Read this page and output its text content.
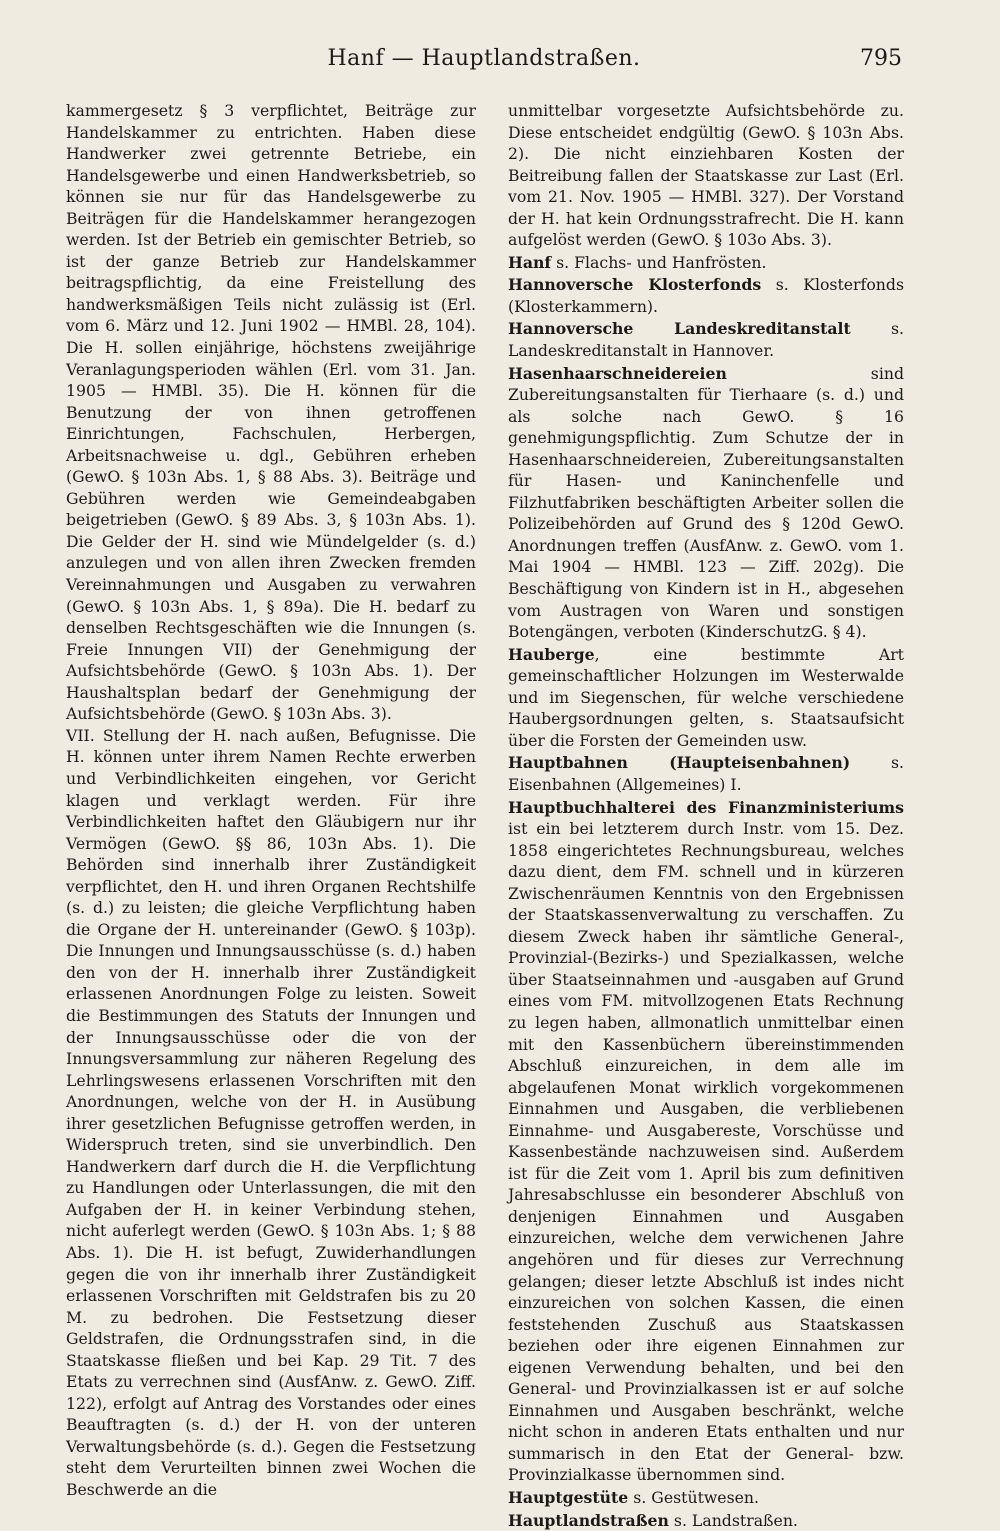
Hanf — Hauptlandstraßen.	795

kammergesetz § 3 verpflichtet, Beiträge zur Handelskammer zu entrichten. Haben diese Handwerker zwei getrennte Betriebe, ein Handelsgewerbe und einen Handwerksbetrieb, so können sie nur für das Handelsgewerbe zu Beiträgen für die Handelskammer herangezogen werden. Ist der Betrieb ein gemischter Betrieb, so ist der ganze Betrieb zur Handelskammer beitragspflichtig, da eine Freistellung des handwerksmäßigen Teils nicht zulässig ist (Erl. vom 6. März und 12. Juni 1902 — HMBl. 28, 104). Die H. sollen einjährige, höchstens zweijährige Veranlagungsperioden wählen (Erl. vom 31. Jan. 1905 — HMBl. 35). Die H. können für die Benutzung der von ihnen getroffenen Einrichtungen, Fachschulen, Herbergen, Arbeitsnachweise u. dgl., Gebühren erheben (GewO. § 103n Abs. 1, § 88 Abs. 3). Beiträge und Gebühren werden wie Gemeindeabgaben beigetrieben (GewO. § 89 Abs. 3, § 103n Abs. 1). Die Gelder der H. sind wie Mündelgelder (s. d.) anzulegen und von allen ihren Zwecken fremden Vereinnahmungen und Ausgaben zu verwahren (GewO. § 103n Abs. 1, § 89a). Die H. bedarf zu denselben Rechtsgeschäften wie die Innungen (s. Freie Innungen VII) der Genehmigung der Aufsichtsbehörde (GewO. § 103n Abs. 1). Der Haushaltsplan bedarf der Genehmigung der Aufsichtsbehörde (GewO. § 103n Abs. 3).

VII. Stellung der H. nach außen, Befugnisse. Die H. können unter ihrem Namen Rechte erwerben und Verbindlichkeiten eingehen, vor Gericht klagen und verklagt werden. Für ihre Verbindlichkeiten haftet den Gläubigern nur ihr Vermögen (GewO. §§ 86, 103n Abs. 1). Die Behörden sind innerhalb ihrer Zuständigkeit verpflichtet, den H. und ihren Organen Rechtshilfe (s. d.) zu leisten; die gleiche Verpflichtung haben die Organe der H. untereinander (GewO. § 103p). Die Innungen und Innungsausschüsse (s. d.) haben den von der H. innerhalb ihrer Zuständigkeit erlassenen Anordnungen Folge zu leisten. Soweit die Bestimmungen des Statuts der Innungen und der Innungsausschüsse oder die von der Innungsversammlung zur näheren Regelung des Lehrlingswesens erlassenen Vorschriften mit den Anordnungen, welche von der H. in Ausübung ihrer gesetzlichen Befugnisse getroffen werden, in Widerspruch treten, sind sie unverbindlich. Den Handwerkern darf durch die H. die Verpflichtung zu Handlungen oder Unterlassungen, die mit den Aufgaben der H. in keiner Verbindung stehen, nicht auferlegt werden (GewO. § 103n Abs. 1; § 88 Abs. 1). Die H. ist befugt, Zuwiderhandlungen gegen die von ihr innerhalb ihrer Zuständigkeit erlassenen Vorschriften mit Geldstrafen bis zu 20 M. zu bedrohen. Die Festsetzung dieser Geldstrafen, die Ordnungsstrafen sind, in die Staatskasse fließen und bei Kap. 29 Tit. 7 des Etats zu verrechnen sind (AusfAnw. z. GewO. Ziff. 122), erfolgt auf Antrag des Vorstandes oder eines Beauftragten (s. d.) der H. von der unteren Verwaltungsbehörde (s. d.). Gegen die Festsetzung steht dem Verurteilten binnen zwei Wochen die Beschwerde an die

unmittelbar vorgesetzte Aufsichtsbehörde zu. Diese entscheidet endgültig (GewO. § 103n Abs. 2). Die nicht einziehbaren Kosten der Beitreibung fallen der Staatskasse zur Last (Erl. vom 21. Nov. 1905 — HMBl. 327). Der Vorstand der H. hat kein Ordnungsstrafrecht. Die H. kann aufgelöst werden (GewO. § 103o Abs. 3).

Hanf s. Flachs- und Hanfrösten.

Hannoversche Klosterfonds s. Klosterfonds (Klosterkammern).

Hannoversche Landeskreditanstalt s. Landeskreditanstalt in Hannover.

Hasenhaarschneidereien sind Zubereitungsanstalten für Tierhaare (s. d.) und als solche nach GewO. § 16 genehmigungspflichtig. Zum Schutze der in Hasenhaarschneidereien, Zubereitungsanstalten für Hasen- und Kaninchenfelle und Filzhutfabriken beschäftigten Arbeiter sollen die Polizeibehörden auf Grund des § 120d GewO. Anordnungen treffen (AusfAnw. z. GewO. vom 1. Mai 1904 — HMBl. 123 — Ziff. 202g). Die Beschäftigung von Kindern ist in H., abgesehen vom Austragen von Waren und sonstigen Botengängen, verboten (KinderschutzG. § 4).

Hauberge, eine bestimmte Art gemeinschaftlicher Holzungen im Westerwalde und im Siegenschen, für welche verschiedene Haubergsordnungen gelten, s. Staatsaufsicht über die Forsten der Gemeinden usw.

Hauptbahnen (Haupteisenbahnen) s. Eisenbahnen (Allgemeines) I.

Hauptbuchhalterei des Finanzministeriums ist ein bei letzterem durch Instr. vom 15. Dez. 1858 eingerichtetes Rechnungsbureau, welches dazu dient, dem FM. schnell und in kürzeren Zwischenräumen Kenntnis von den Ergebnissen der Staatskassenverwaltung zu verschaffen. Zu diesem Zweck haben ihr sämtliche General-, Provinzial-(Bezirks-) und Spezialkassen, welche über Staatseinnahmen und -ausgaben auf Grund eines vom FM. mitvollzogenen Etats Rechnung zu legen haben, allmonatlich unmittelbar einen mit den Kassenbüchern übereinstimmenden Abschluß einzureichen, in dem alle im abgelaufenen Monat wirklich vorgekommenen Einnahmen und Ausgaben, die verbliebenen Einnahme- und Ausgabereste, Vorschüsse und Kassenbestände nachzuweisen sind. Außerdem ist für die Zeit vom 1. April bis zum definitiven Jahresabschlusse ein besonderer Abschluß von denjenigen Einnahmen und Ausgaben einzureichen, welche dem verwichenen Jahre angehören und für dieses zur Verrechnung gelangen; dieser letzte Abschluß ist indes nicht einzureichen von solchen Kassen, die einen feststehenden Zuschuß aus Staatskassen beziehen oder ihre eigenen Einnahmen zur eigenen Verwendung behalten, und bei den General- und Provinzialkassen ist er auf solche Einnahmen und Ausgaben beschränkt, welche nicht schon in anderen Etats enthalten und nur summarisch in den Etat der General- bzw. Provinzialkasse übernommen sind.

Hauptgestüte s. Gestütwesen.

Hauptlandstraßen s. Landstraßen.
